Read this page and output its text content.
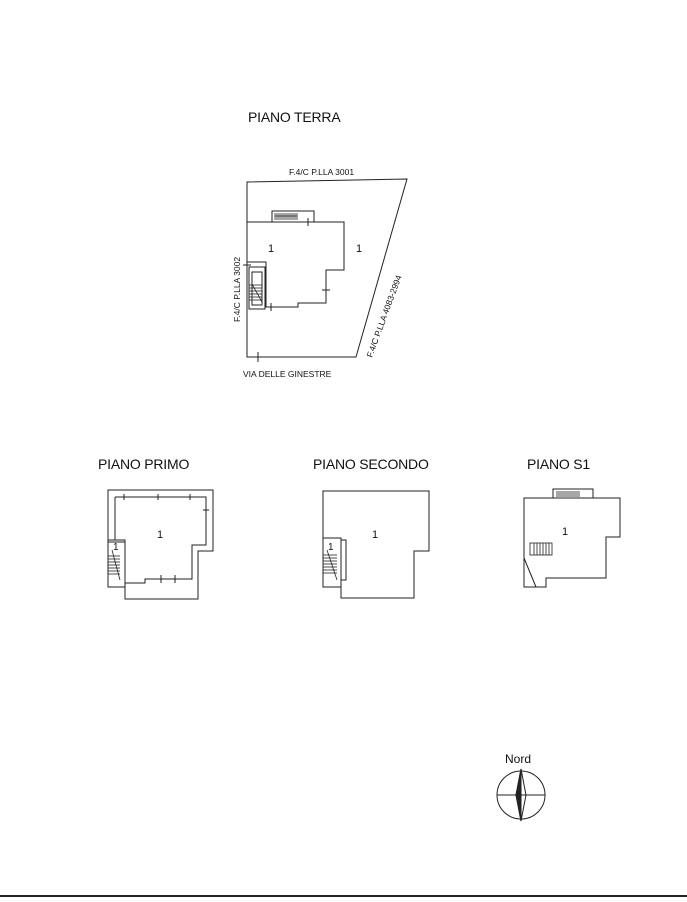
PIANO TERRA
PIANO PRIMO	PIANO SECONDO	PIANO S1
F.4/C P.LLA 3001
F.4/C P.LLA 3002	F.4/C P.LLA 4083-2994
VIA DELLE GINESTRE
1	1
1
1
1
1
1
Nord
